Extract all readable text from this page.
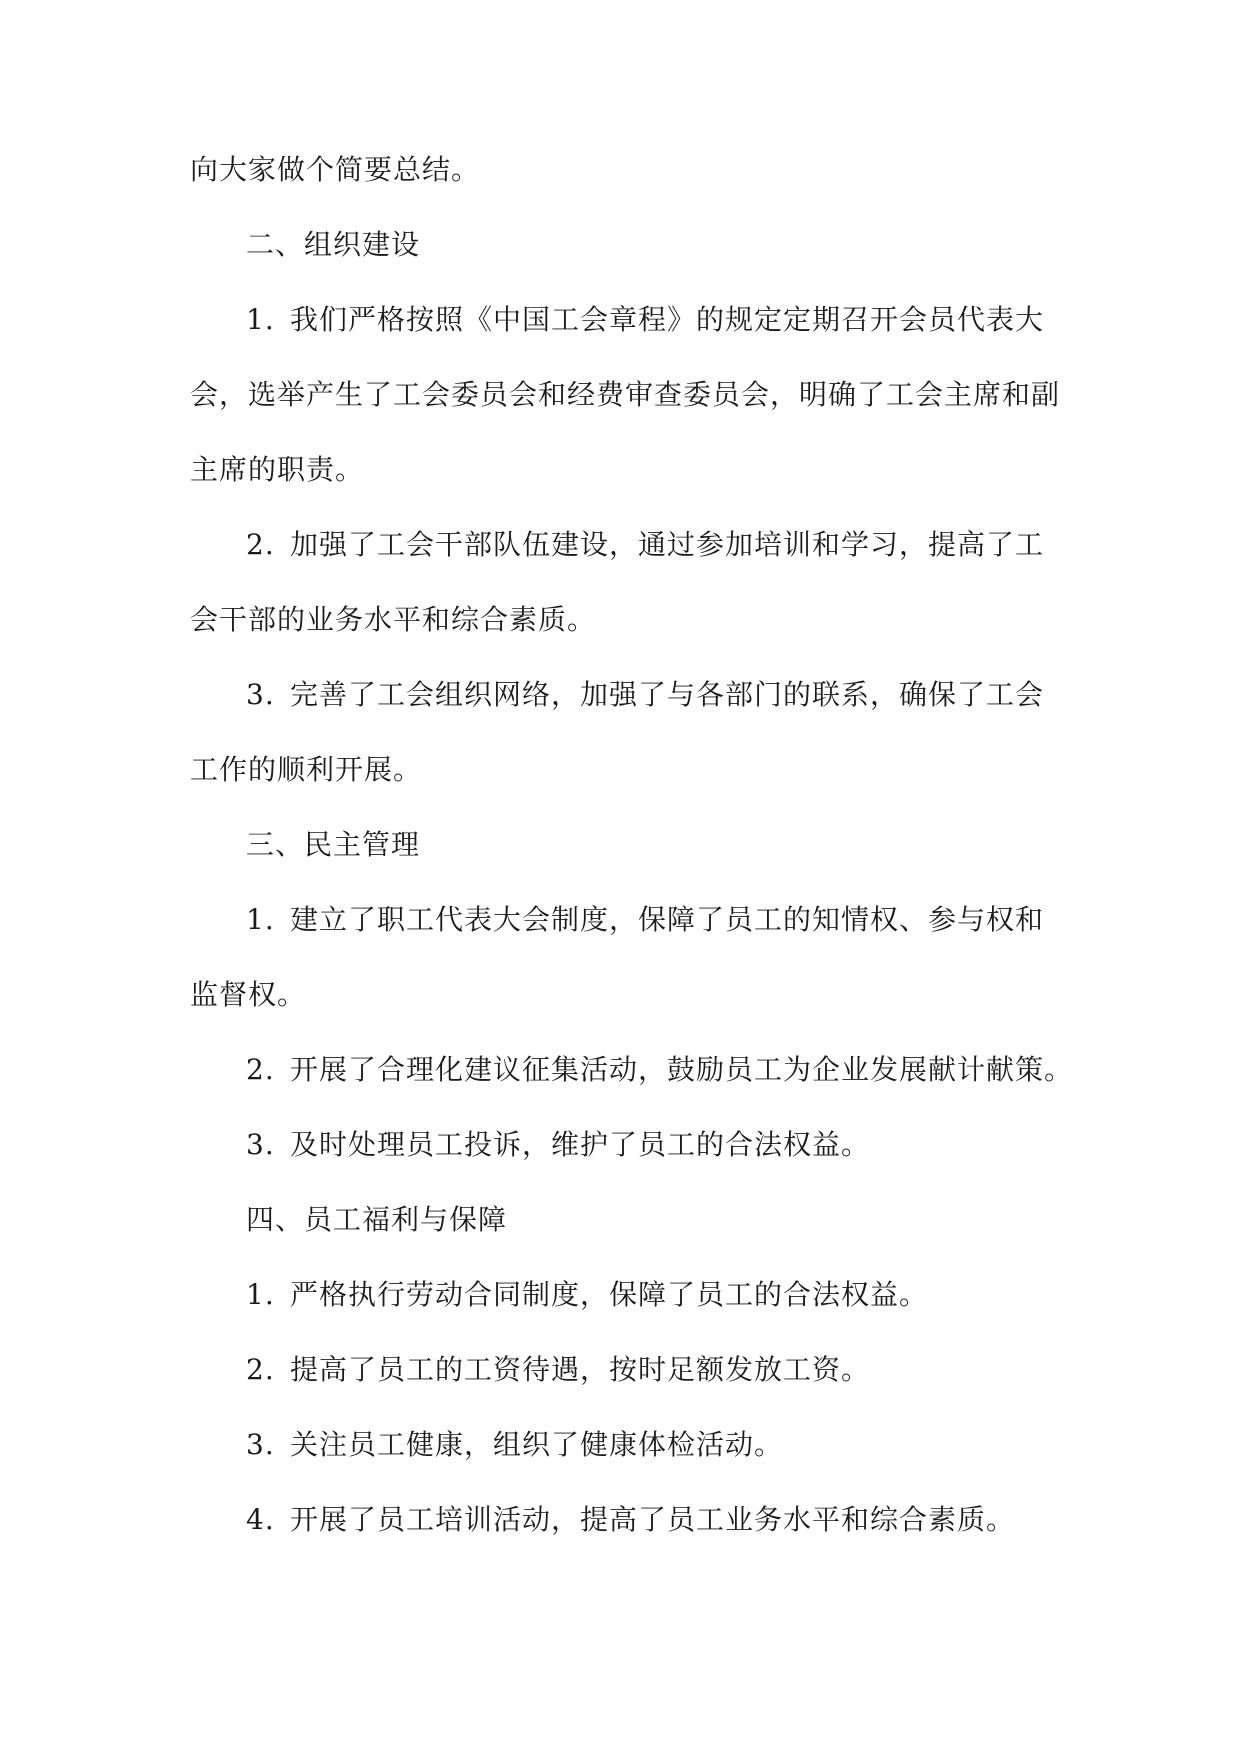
向大家做个简要总结。
二、组织建设
1. 我们严格按照《中国工会章程》的规定定期召开会员代表大
会，选举产生了工会委员会和经费审查委员会，明确了工会主席和副
主席的职责。
2. 加强了工会干部队伍建设，通过参加培训和学习，提高了工
会干部的业务水平和综合素质。
3. 完善了工会组织网络，加强了与各部门的联系，确保了工会
工作的顺利开展。
三、民主管理
1. 建立了职工代表大会制度，保障了员工的知情权、参与权和
监督权。
2. 开展了合理化建议征集活动，鼓励员工为企业发展献计献策。
3. 及时处理员工投诉，维护了员工的合法权益。
四、员工福利与保障
1. 严格执行劳动合同制度，保障了员工的合法权益。
2. 提高了员工的工资待遇，按时足额发放工资。
3. 关注员工健康，组织了健康体检活动。
4. 开展了员工培训活动，提高了员工业务水平和综合素质。
